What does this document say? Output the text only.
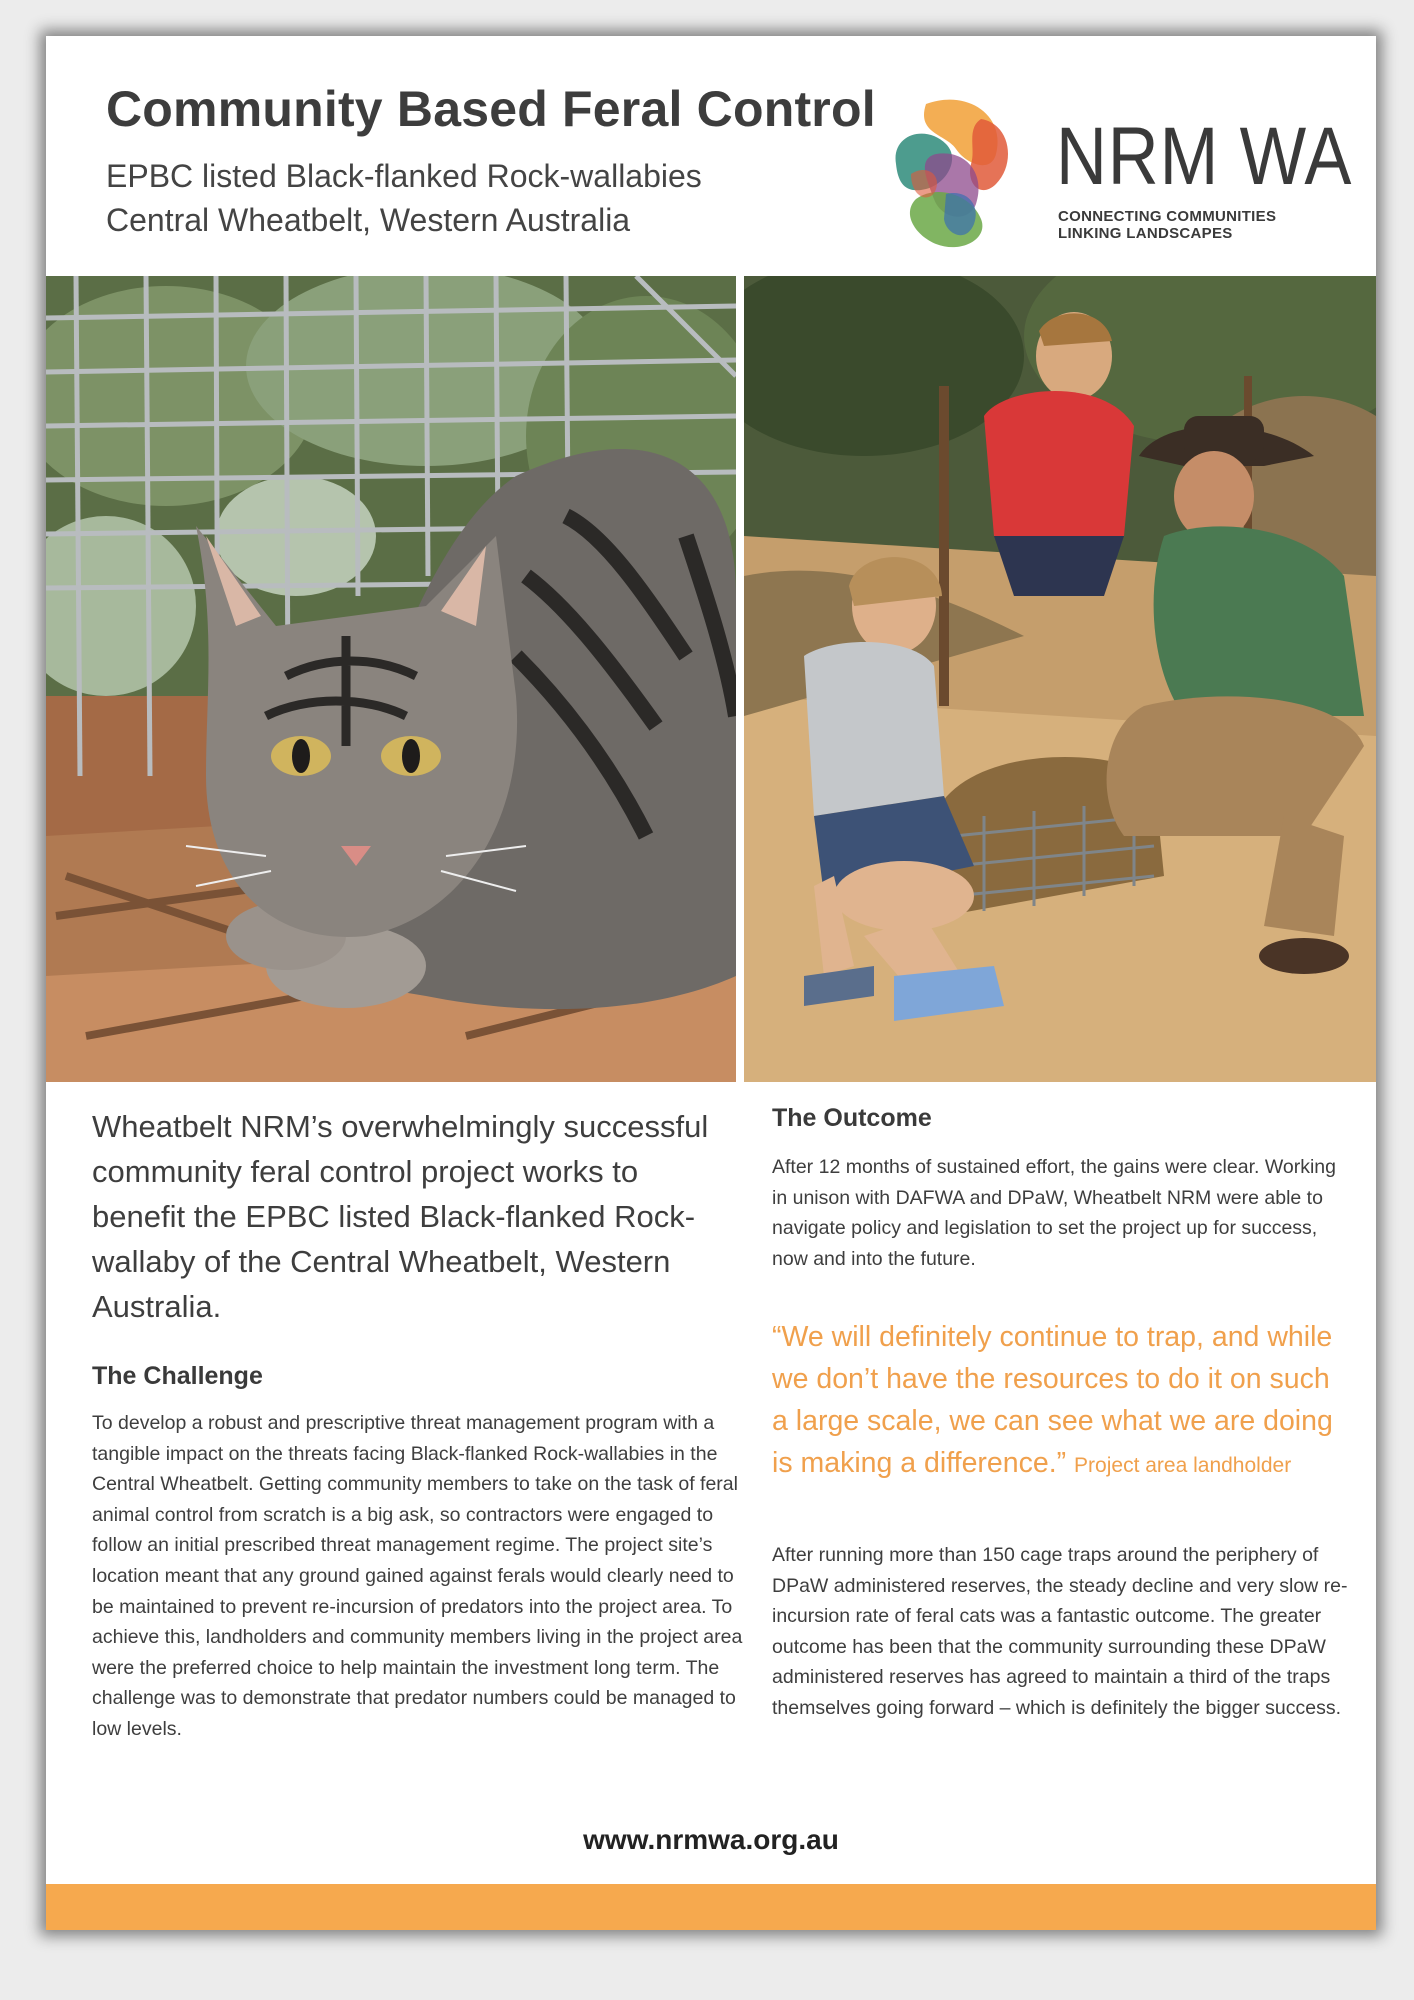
Community Based Feral Control
EPBC listed Black-flanked Rock-wallabies
Central Wheatbelt, Western Australia
NRM WA
CONNECTING COMMUNITIES
LINKING LANDSCAPES

Wheatbelt NRM’s overwhelmingly successful community feral control project works to benefit the EPBC listed Black-flanked Rock-wallaby of the Central Wheatbelt, Western Australia.

The Challenge

To develop a robust and prescriptive threat management program with a tangible impact on the threats facing Black-flanked Rock-wallabies in the Central Wheatbelt. Getting community members to take on the task of feral animal control from scratch is a big ask, so contractors were engaged to follow an initial prescribed threat management regime. The project site’s location meant that any ground gained against ferals would clearly need to be maintained to prevent re-incursion of predators into the project area. To achieve this, landholders and community members living in the project area were the preferred choice to help maintain the investment long term. The challenge was to demonstrate that predator numbers could be managed to low levels.

The Outcome

After 12 months of sustained effort, the gains were clear. Working in unison with DAFWA and DPaW, Wheatbelt NRM were able to navigate policy and legislation to set the project up for success, now and into the future.

“We will definitely continue to trap, and while we don’t have the resources to do it on such a large scale, we can see what we are doing is making a difference.” Project area landholder

After running more than 150 cage traps around the periphery of DPaW administered reserves, the steady decline and very slow re-incursion rate of feral cats was a fantastic outcome. The greater outcome has been that the community surrounding these DPaW administered reserves has agreed to maintain a third of the traps themselves going forward – which is definitely the bigger success.

www.nrmwa.org.au
